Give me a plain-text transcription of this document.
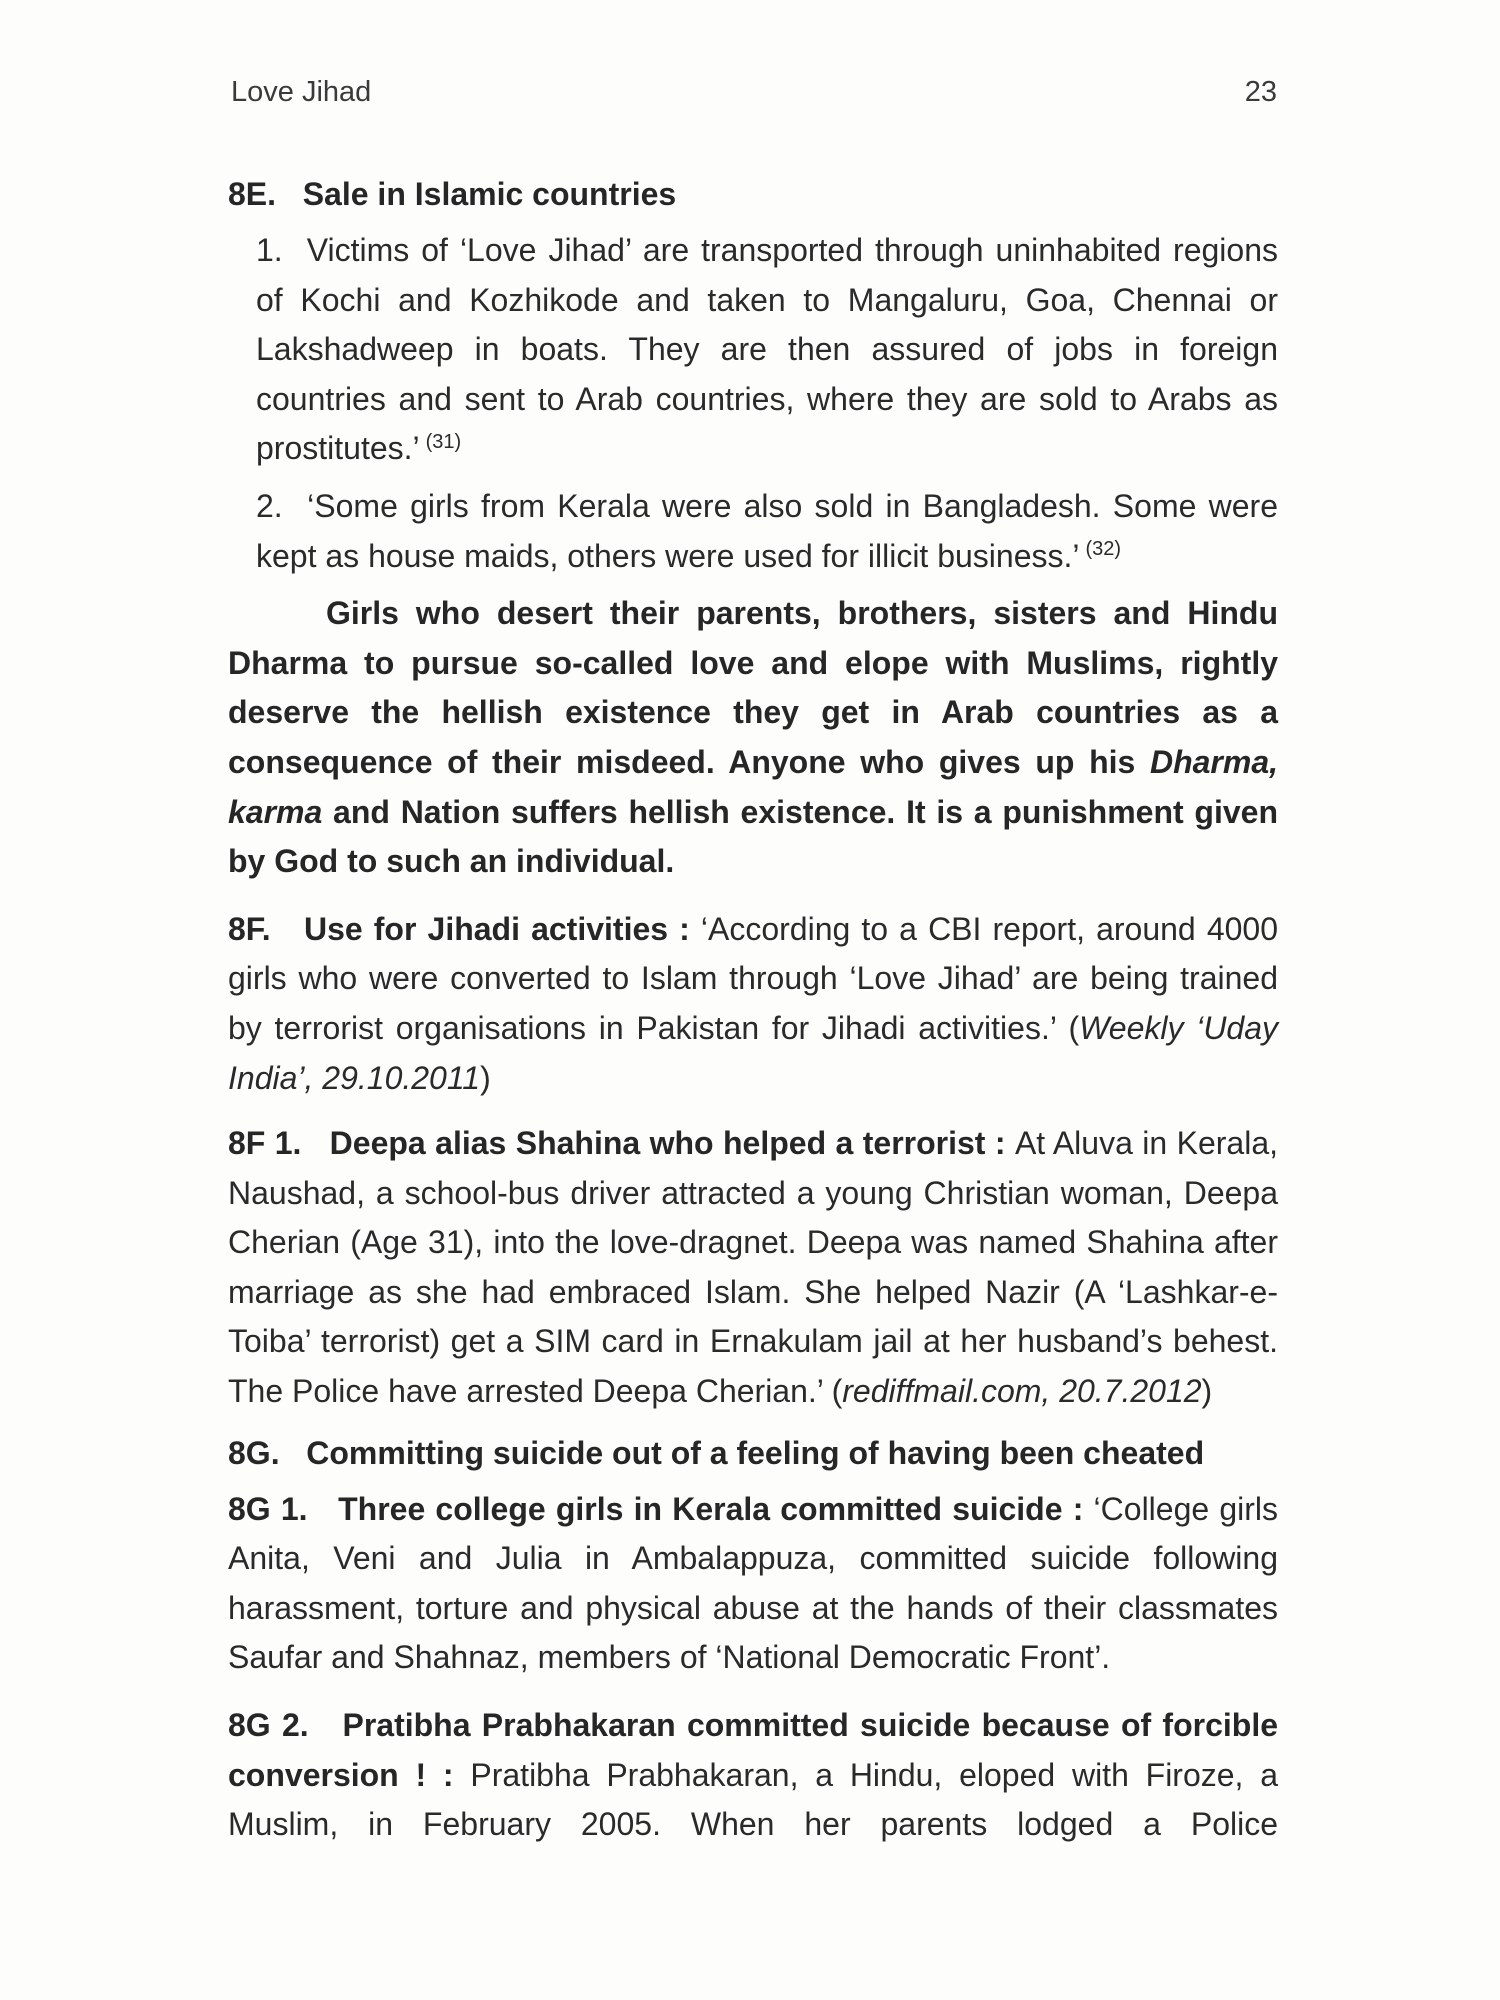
Love Jihad	23
8E.   Sale in Islamic countries

1.  Victims of ‘Love Jihad’ are transported through uninhabited regions of Kochi and Kozhikode and taken to Mangaluru, Goa, Chennai or Lakshadweep in boats. They are then assured of jobs in foreign countries and sent to Arab countries, where they are sold to Arabs as prostitutes.’ $^{(31)}$

2.  ‘Some girls from Kerala were also sold in Bangladesh. Some were kept as house maids, others were used for illicit business.’ $^{(32)}$

Girls who desert their parents, brothers, sisters and Hindu Dharma to pursue so-called love and elope with Muslims, rightly deserve the hellish existence they get in Arab countries as a consequence of their misdeed. Anyone who gives up his Dharma, karma and Nation suffers hellish existence. It is a punishment given by God to such an individual.

8F.   Use for Jihadi activities : ‘According to a CBI report, around 4000 girls who were converted to Islam through ‘Love Jihad’ are being trained by terrorist organisations in Pakistan for Jihadi activities.’ (Weekly ‘Uday India’, 29.10.2011)

8F 1.   Deepa alias Shahina who helped a terrorist : At Aluva in Kerala, Naushad, a school-bus driver attracted a young Christian woman, Deepa Cherian (Age 31), into the love-dragnet. Deepa was named Shahina after marriage as she had embraced Islam. She helped Nazir (A ‘Lashkar-e-Toiba’ terrorist) get a SIM card in Ernakulam jail at her husband’s behest. The Police have arrested Deepa Cherian.’ (rediffmail.com, 20.7.2012)

8G.   Committing suicide out of a feeling of having been cheated

8G 1.   Three college girls in Kerala committed suicide : ‘College girls Anita, Veni and Julia in Ambalappuza, committed suicide following harassment, torture and physical abuse at the hands of their classmates Saufar and Shahnaz, members of ‘National Democratic Front’.

8G 2.   Pratibha Prabhakaran committed suicide because of forcible conversion ! : Pratibha Prabhakaran, a Hindu, eloped with Firoze, a Muslim, in February 2005. When her parents lodged a Police
